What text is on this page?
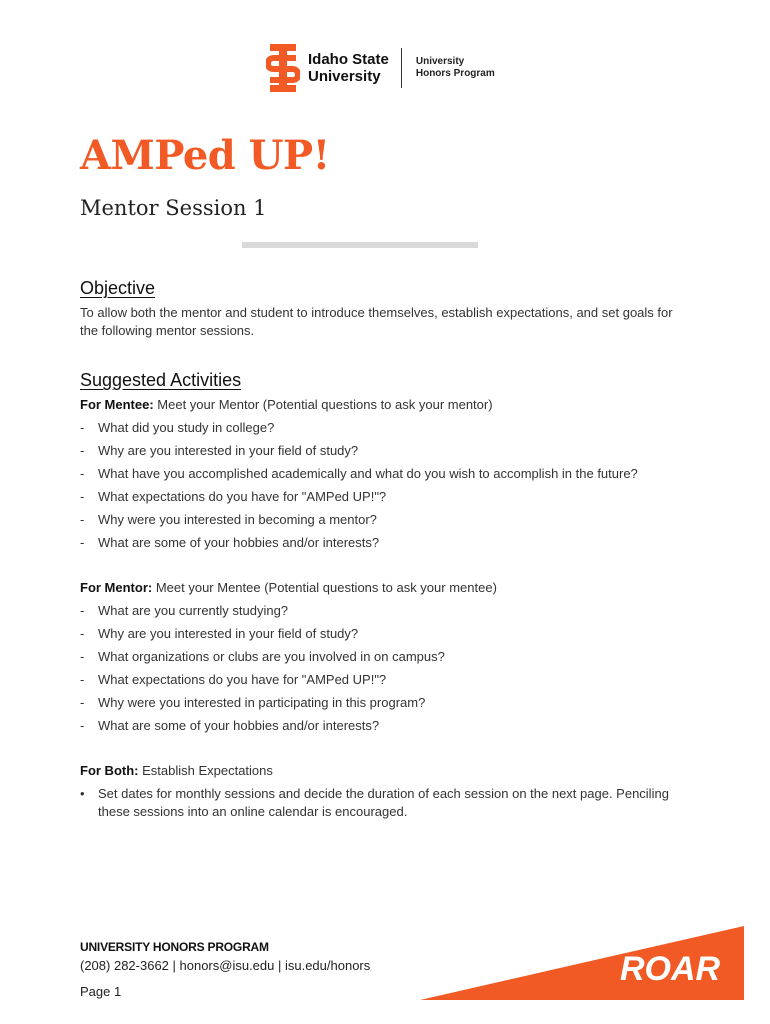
Idaho State
University
University
Honors Program
AMPed UP!
Mentor Session 1
Objective

To allow both the mentor and student to introduce themselves, establish expectations, and set goals for the following mentor sessions.

Suggested Activities

For Mentee: Meet your Mentor (Potential questions to ask your mentor)

- What did you study in college?
- Why are you interested in your field of study?
- What have you accomplished academically and what do you wish to accomplish in the future?
- What expectations do you have for "AMPed UP!"?
- Why were you interested in becoming a mentor?
- What are some of your hobbies and/or interests?

For Mentor: Meet your Mentee (Potential questions to ask your mentee)

- What are you currently studying?
- Why are you interested in your field of study?
- What organizations or clubs are you involved in on campus?
- What expectations do you have for "AMPed UP!"?
- Why were you interested in participating in this program?
- What are some of your hobbies and/or interests?

For Both: Establish Expectations

• Set dates for monthly sessions and decide the duration of each session on the next page. Penciling these sessions into an online calendar is encouraged.
UNIVERSITY HONORS PROGRAM
(208) 282-3662 | honors@isu.edu | isu.edu/honors
Page 1
ROAR
